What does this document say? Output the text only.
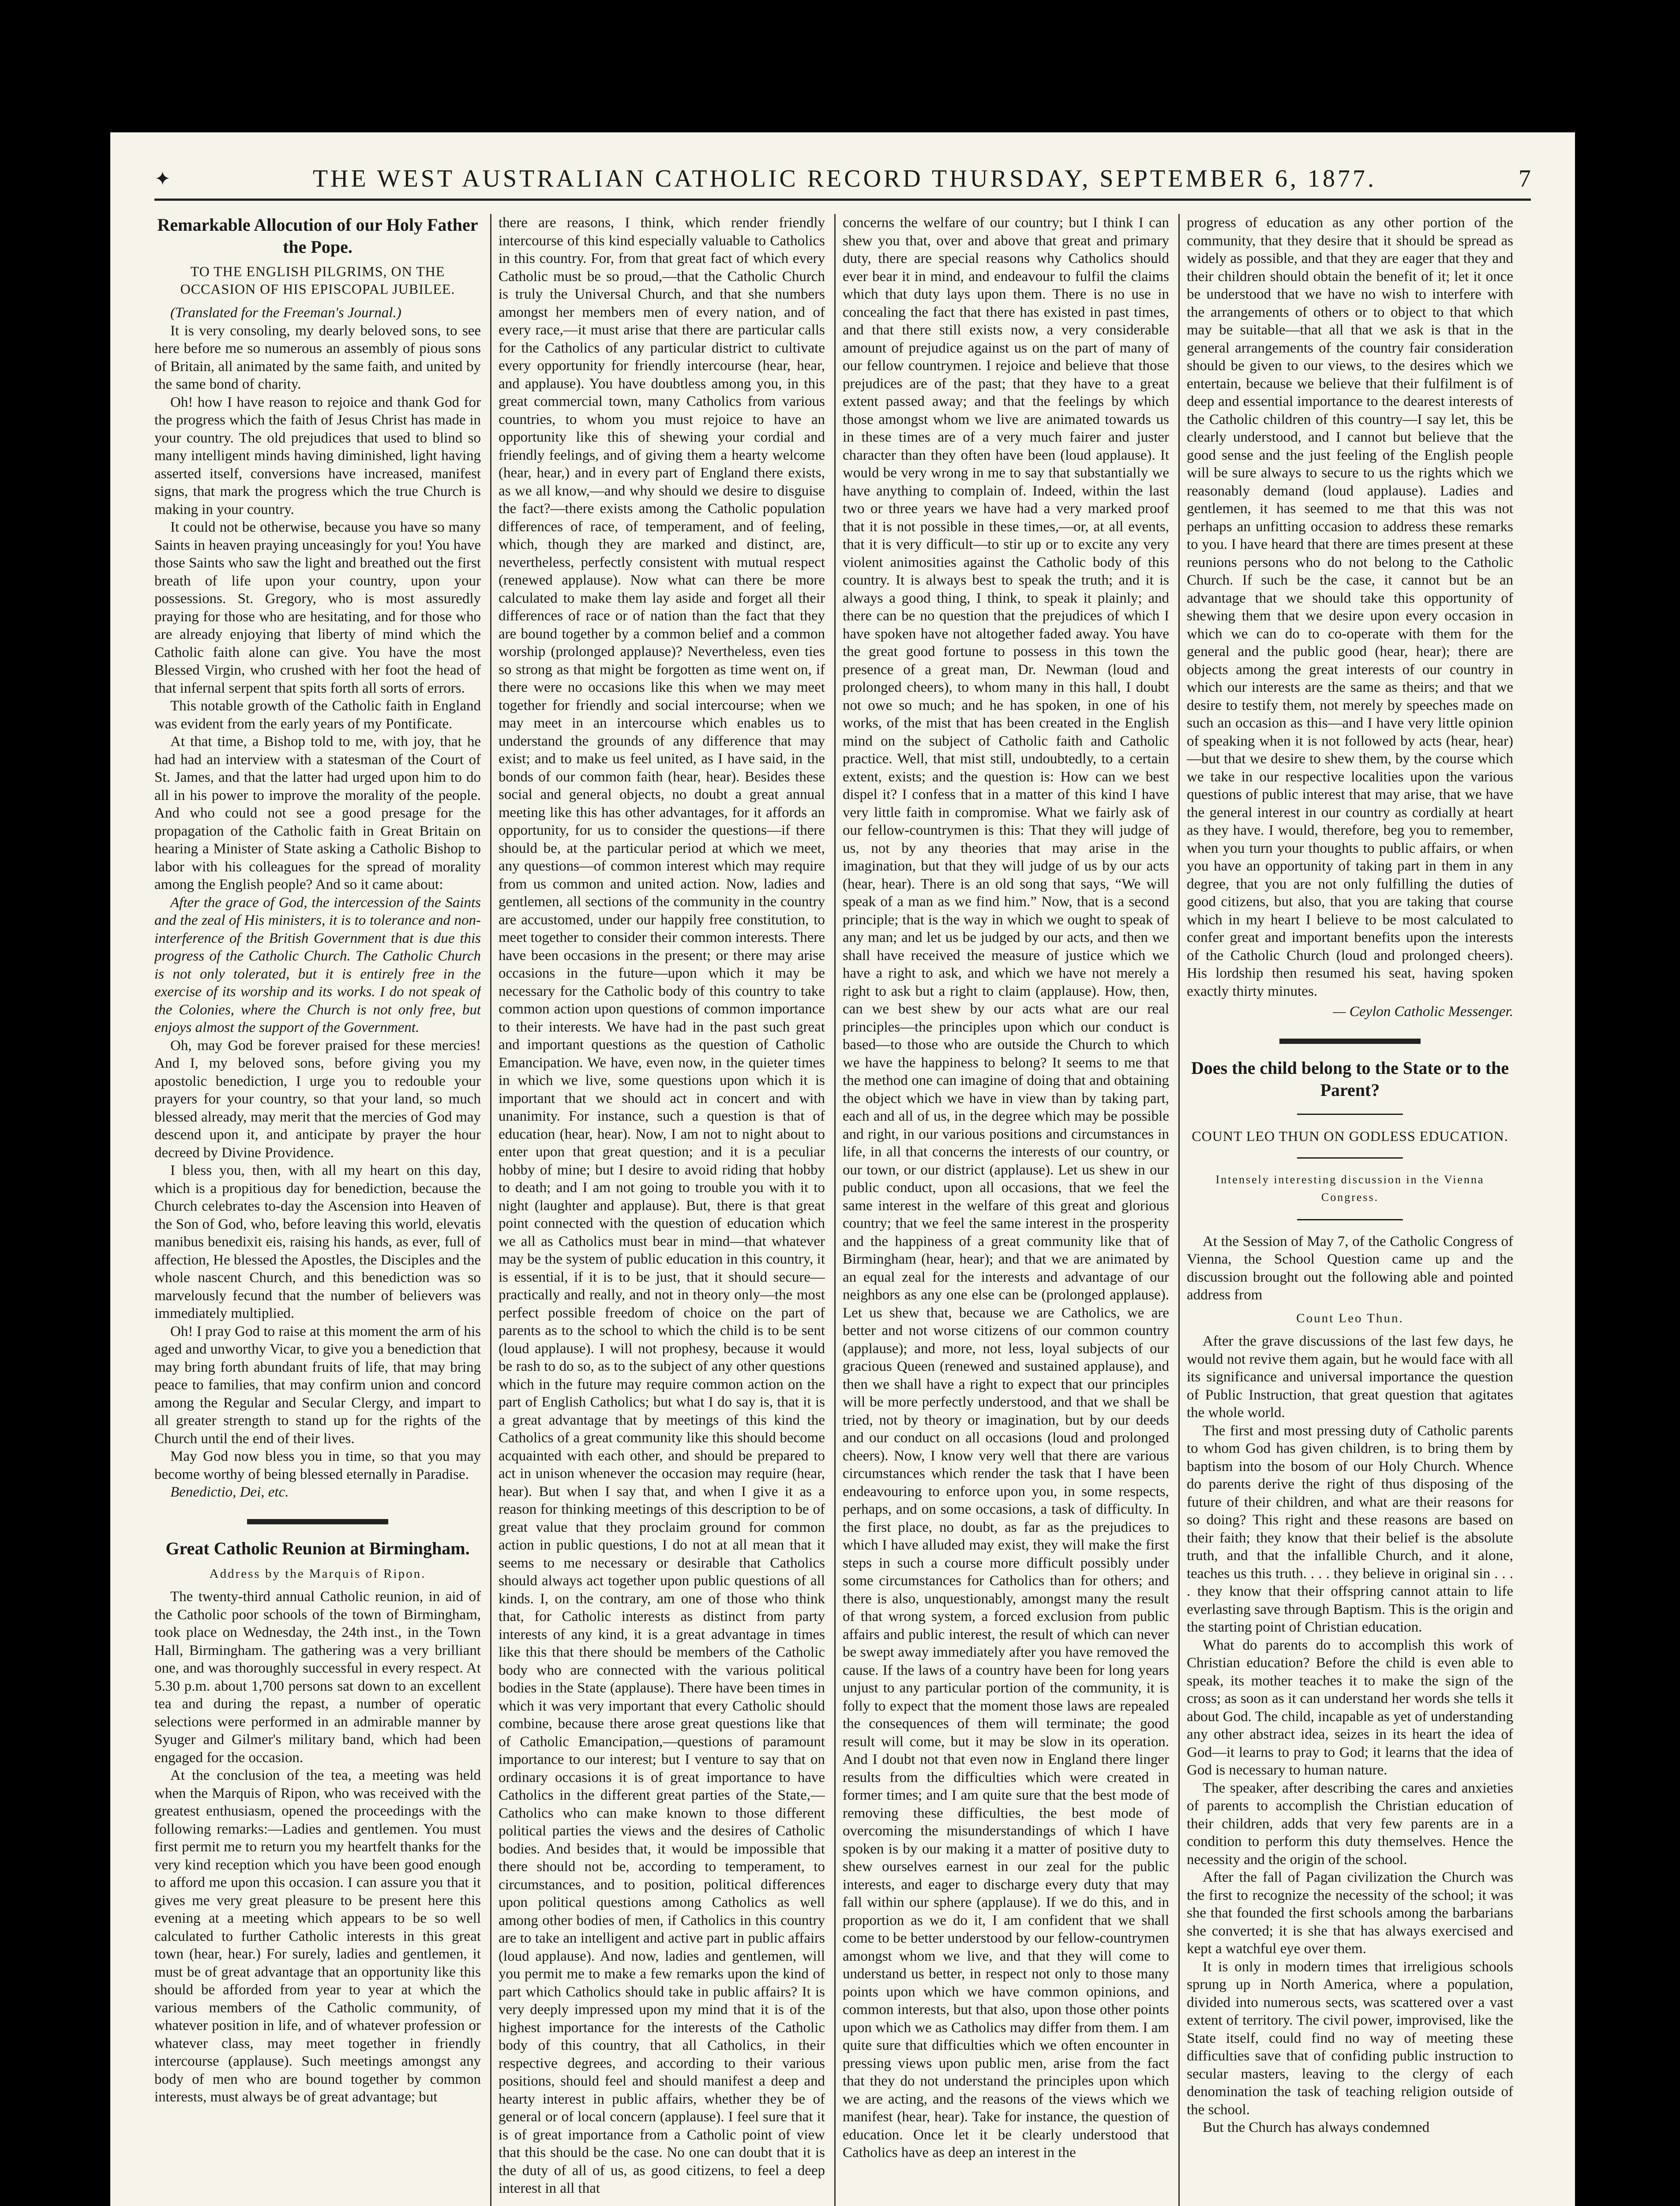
✦	THE WEST AUSTRALIAN CATHOLIC RECORD THURSDAY, SEPTEMBER 6, 1877.	7
Remarkable Allocution of our Holy Father the Pope.
TO THE ENGLISH PILGRIMS, ON THE OCCASION OF HIS EPISCOPAL JUBILEE.

(Translated for the Freeman's Journal.)

It is very consoling, my dearly beloved sons, to see here before me so numerous an assembly of pious sons of Britain, all animated by the same faith, and united by the same bond of charity.

Oh! how I have reason to rejoice and thank God for the progress which the faith of Jesus Christ has made in your country. The old prejudices that used to blind so many intelligent minds having diminished, light having asserted itself, conversions have increased, manifest signs, that mark the progress which the true Church is making in your country.

It could not be otherwise, because you have so many Saints in heaven praying unceasingly for you! You have those Saints who saw the light and breathed out the first breath of life upon your country, upon your possessions. St. Gregory, who is most assuredly praying for those who are hesitating, and for those who are already enjoying that liberty of mind which the Catholic faith alone can give. You have the most Blessed Virgin, who crushed with her foot the head of that infernal serpent that spits forth all sorts of errors.

This notable growth of the Catholic faith in England was evident from the early years of my Pontificate.

At that time, a Bishop told to me, with joy, that he had had an interview with a statesman of the Court of St. James, and that the latter had urged upon him to do all in his power to improve the morality of the people. And who could not see a good presage for the propagation of the Catholic faith in Great Britain on hearing a Minister of State asking a Catholic Bishop to labor with his colleagues for the spread of morality among the English people? And so it came about:

After the grace of God, the intercession of the Saints and the zeal of His ministers, it is to tolerance and non-interference of the British Government that is due this progress of the Catholic Church. The Catholic Church is not only tolerated, but it is entirely free in the exercise of its worship and its works. I do not speak of the Colonies, where the Church is not only free, but enjoys almost the support of the Government.

Oh, may God be forever praised for these mercies! And I, my beloved sons, before giving you my apostolic benediction, I urge you to redouble your prayers for your country, so that your land, so much blessed already, may merit that the mercies of God may descend upon it, and anticipate by prayer the hour decreed by Divine Providence.

I bless you, then, with all my heart on this day, which is a propitious day for benediction, because the Church celebrates to-day the Ascension into Heaven of the Son of God, who, before leaving this world, elevatis manibus benedixit eis, raising his hands, as ever, full of affection, He blessed the Apostles, the Disciples and the whole nascent Church, and this benediction was so marvelously fecund that the number of believers was immediately multiplied.

Oh! I pray God to raise at this moment the arm of his aged and unworthy Vicar, to give you a benediction that may bring forth abundant fruits of life, that may bring peace to families, that may confirm union and concord among the Regular and Secular Clergy, and impart to all greater strength to stand up for the rights of the Church until the end of their lives.

May God now bless you in time, so that you may become worthy of being blessed eternally in Paradise.

Benedictio, Dei, etc.

Great Catholic Reunion at Birmingham.
Address by the Marquis of Ripon.

The twenty-third annual Catholic reunion, in aid of the Catholic poor schools of the town of Birmingham, took place on Wednesday, the 24th inst., in the Town Hall, Birmingham. The gathering was a very brilliant one, and was thoroughly successful in every respect. At 5.30 p.m. about 1,700 persons sat down to an excellent tea and during the repast, a number of operatic selections were performed in an admirable manner by Syuger and Gilmer's military band, which had been engaged for the occasion.

At the conclusion of the tea, a meeting was held when the Marquis of Ripon, who was received with the greatest enthusiasm, opened the proceedings with the following remarks:—Ladies and gentlemen. You must first permit me to return you my heartfelt thanks for the very kind reception which you have been good enough to afford me upon this occasion. I can assure you that it gives me very great pleasure to be present here this evening at a meeting which appears to be so well calculated to further Catholic interests in this great town (hear, hear.) For surely, ladies and gentlemen, it must be of great advantage that an opportunity like this should be afforded from year to year at which the various members of the Catholic community, of whatever position in life, and of whatever profession or whatever class, may meet together in friendly intercourse (applause). Such meetings amongst any body of men who are bound together by common interests, must always be of great advantage; but

there are reasons, I think, which render friendly intercourse of this kind especially valuable to Catholics in this country. For, from that great fact of which every Catholic must be so proud,—that the Catholic Church is truly the Universal Church, and that she numbers amongst her members men of every nation, and of every race,—it must arise that there are particular calls for the Catholics of any particular district to cultivate every opportunity for friendly intercourse (hear, hear, and applause). You have doubtless among you, in this great commercial town, many Catholics from various countries, to whom you must rejoice to have an opportunity like this of shewing your cordial and friendly feelings, and of giving them a hearty welcome (hear, hear,) and in every part of England there exists, as we all know,—and why should we desire to disguise the fact?—there exists among the Catholic population differences of race, of temperament, and of feeling, which, though they are marked and distinct, are, nevertheless, perfectly consistent with mutual respect (renewed applause). Now what can there be more calculated to make them lay aside and forget all their differences of race or of nation than the fact that they are bound together by a common belief and a common worship (prolonged applause)? Nevertheless, even ties so strong as that might be forgotten as time went on, if there were no occasions like this when we may meet together for friendly and social intercourse; when we may meet in an intercourse which enables us to understand the grounds of any difference that may exist; and to make us feel united, as I have said, in the bonds of our common faith (hear, hear). Besides these social and general objects, no doubt a great annual meeting like this has other advantages, for it affords an opportunity, for us to consider the questions—if there should be, at the particular period at which we meet, any questions—of common interest which may require from us common and united action. Now, ladies and gentlemen, all sections of the community in the country are accustomed, under our happily free constitution, to meet together to consider their common interests. There have been occasions in the present; or there may arise occasions in the future—upon which it may be necessary for the Catholic body of this country to take common action upon questions of common importance to their interests. We have had in the past such great and important questions as the question of Catholic Emancipation. We have, even now, in the quieter times in which we live, some questions upon which it is important that we should act in concert and with unanimity. For instance, such a question is that of education (hear, hear). Now, I am not to night about to enter upon that great question; and it is a peculiar hobby of mine; but I desire to avoid riding that hobby to death; and I am not going to trouble you with it to night (laughter and applause). But, there is that great point connected with the question of education which we all as Catholics must bear in mind—that whatever may be the system of public education in this country, it is essential, if it is to be just, that it should secure—practically and really, and not in theory only—the most perfect possible freedom of choice on the part of parents as to the school to which the child is to be sent (loud applause). I will not prophesy, because it would be rash to do so, as to the subject of any other questions which in the future may require common action on the part of English Catholics; but what I do say is, that it is a great advantage that by meetings of this kind the Catholics of a great community like this should become acquainted with each other, and should be prepared to act in unison whenever the occasion may require (hear, hear). But when I say that, and when I give it as a reason for thinking meetings of this description to be of great value that they proclaim ground for common action in public questions, I do not at all mean that it seems to me necessary or desirable that Catholics should always act together upon public questions of all kinds. I, on the contrary, am one of those who think that, for Catholic interests as distinct from party interests of any kind, it is a great advantage in times like this that there should be members of the Catholic body who are connected with the various political bodies in the State (applause). There have been times in which it was very important that every Catholic should combine, because there arose great questions like that of Catholic Emancipation,—questions of paramount importance to our interest; but I venture to say that on ordinary occasions it is of great importance to have Catholics in the different great parties of the State,—Catholics who can make known to those different political parties the views and the desires of Catholic bodies. And besides that, it would be impossible that there should not be, according to temperament, to circumstances, and to position, political differences upon political questions among Catholics as well among other bodies of men, if Catholics in this country are to take an intelligent and active part in public affairs (loud applause). And now, ladies and gentlemen, will you permit me to make a few remarks upon the kind of part which Catholics should take in public affairs? It is very deeply impressed upon my mind that it is of the highest importance for the interests of the Catholic body of this country, that all Catholics, in their respective degrees, and according to their various positions, should feel and should manifest a deep and hearty interest in public affairs, whether they be of general or of local concern (applause). I feel sure that it is of great importance from a Catholic point of view that this should be the case. No one can doubt that it is the duty of all of us, as good citizens, to feel a deep interest in all that

concerns the welfare of our country; but I think I can shew you that, over and above that great and primary duty, there are special reasons why Catholics should ever bear it in mind, and endeavour to fulfil the claims which that duty lays upon them. There is no use in concealing the fact that there has existed in past times, and that there still exists now, a very considerable amount of prejudice against us on the part of many of our fellow countrymen. I rejoice and believe that those prejudices are of the past; that they have to a great extent passed away; and that the feelings by which those amongst whom we live are animated towards us in these times are of a very much fairer and juster character than they often have been (loud applause). It would be very wrong in me to say that substantially we have anything to complain of. Indeed, within the last two or three years we have had a very marked proof that it is not possible in these times,—or, at all events, that it is very difficult—to stir up or to excite any very violent animosities against the Catholic body of this country. It is always best to speak the truth; and it is always a good thing, I think, to speak it plainly; and there can be no question that the prejudices of which I have spoken have not altogether faded away. You have the great good fortune to possess in this town the presence of a great man, Dr. Newman (loud and prolonged cheers), to whom many in this hall, I doubt not owe so much; and he has spoken, in one of his works, of the mist that has been created in the English mind on the subject of Catholic faith and Catholic practice. Well, that mist still, undoubtedly, to a certain extent, exists; and the question is: How can we best dispel it? I confess that in a matter of this kind I have very little faith in compromise. What we fairly ask of our fellow-countrymen is this: That they will judge of us, not by any theories that may arise in the imagination, but that they will judge of us by our acts (hear, hear). There is an old song that says, “We will speak of a man as we find him.” Now, that is a second principle; that is the way in which we ought to speak of any man; and let us be judged by our acts, and then we shall have received the measure of justice which we have a right to ask, and which we have not merely a right to ask but a right to claim (applause). How, then, can we best shew by our acts what are our real principles—the principles upon which our conduct is based—to those who are outside the Church to which we have the happiness to belong? It seems to me that the method one can imagine of doing that and obtaining the object which we have in view than by taking part, each and all of us, in the degree which may be possible and right, in our various positions and circumstances in life, in all that concerns the interests of our country, or our town, or our district (applause). Let us shew in our public conduct, upon all occasions, that we feel the same interest in the welfare of this great and glorious country; that we feel the same interest in the prosperity and the happiness of a great community like that of Birmingham (hear, hear); and that we are animated by an equal zeal for the interests and advantage of our neighbors as any one else can be (prolonged applause). Let us shew that, because we are Catholics, we are better and not worse citizens of our common country (applause); and more, not less, loyal subjects of our gracious Queen (renewed and sustained applause), and then we shall have a right to expect that our principles will be more perfectly understood, and that we shall be tried, not by theory or imagination, but by our deeds and our conduct on all occasions (loud and prolonged cheers). Now, I know very well that there are various circumstances which render the task that I have been endeavouring to enforce upon you, in some respects, perhaps, and on some occasions, a task of difficulty. In the first place, no doubt, as far as the prejudices to which I have alluded may exist, they will make the first steps in such a course more difficult possibly under some circumstances for Catholics than for others; and there is also, unquestionably, amongst many the result of that wrong system, a forced exclusion from public affairs and public interest, the result of which can never be swept away immediately after you have removed the cause. If the laws of a country have been for long years unjust to any particular portion of the community, it is folly to expect that the moment those laws are repealed the consequences of them will terminate; the good result will come, but it may be slow in its operation. And I doubt not that even now in England there linger results from the difficulties which were created in former times; and I am quite sure that the best mode of removing these difficulties, the best mode of overcoming the misunderstandings of which I have spoken is by our making it a matter of positive duty to shew ourselves earnest in our zeal for the public interests, and eager to discharge every duty that may fall within our sphere (applause). If we do this, and in proportion as we do it, I am confident that we shall come to be better understood by our fellow-countrymen amongst whom we live, and that they will come to understand us better, in respect not only to those many points upon which we have common opinions, and common interests, but that also, upon those other points upon which we as Catholics may differ from them. I am quite sure that difficulties which we often encounter in pressing views upon public men, arise from the fact that they do not understand the principles upon which we are acting, and the reasons of the views which we manifest (hear, hear). Take for instance, the question of education. Once let it be clearly understood that Catholics have as deep an interest in the

progress of education as any other portion of the community, that they desire that it should be spread as widely as possible, and that they are eager that they and their children should obtain the benefit of it; let it once be understood that we have no wish to interfere with the arrangements of others or to object to that which may be suitable—that all that we ask is that in the general arrangements of the country fair consideration should be given to our views, to the desires which we entertain, because we believe that their fulfilment is of deep and essential importance to the dearest interests of the Catholic children of this country—I say let, this be clearly understood, and I cannot but believe that the good sense and the just feeling of the English people will be sure always to secure to us the rights which we reasonably demand (loud applause). Ladies and gentlemen, it has seemed to me that this was not perhaps an unfitting occasion to address these remarks to you. I have heard that there are times present at these reunions persons who do not belong to the Catholic Church. If such be the case, it cannot but be an advantage that we should take this opportunity of shewing them that we desire upon every occasion in which we can do to co-operate with them for the general and the public good (hear, hear); there are objects among the great interests of our country in which our interests are the same as theirs; and that we desire to testify them, not merely by speeches made on such an occasion as this—and I have very little opinion of speaking when it is not followed by acts (hear, hear)—but that we desire to shew them, by the course which we take in our respective localities upon the various questions of public interest that may arise, that we have the general interest in our country as cordially at heart as they have. I would, therefore, beg you to remember, when you turn your thoughts to public affairs, or when you have an opportunity of taking part in them in any degree, that you are not only fulfilling the duties of good citizens, but also, that you are taking that course which in my heart I believe to be most calculated to confer great and important benefits upon the interests of the Catholic Church (loud and prolonged cheers). His lordship then resumed his seat, having spoken exactly thirty minutes.

— Ceylon Catholic Messenger.
Does the child belong to the State or to the Parent?
COUNT LEO THUN ON GODLESS EDUCATION.
Intensely interesting discussion in the Vienna Congress.

At the Session of May 7, of the Catholic Congress of Vienna, the School Question came up and the discussion brought out the following able and pointed address from

Count Leo Thun.

After the grave discussions of the last few days, he would not revive them again, but he would face with all its significance and universal importance the question of Public Instruction, that great question that agitates the whole world.

The first and most pressing duty of Catholic parents to whom God has given children, is to bring them by baptism into the bosom of our Holy Church. Whence do parents derive the right of thus disposing of the future of their children, and what are their reasons for so doing? This right and these reasons are based on their faith; they know that their belief is the absolute truth, and that the infallible Church, and it alone, teaches us this truth. . . . they believe in original sin . . . . they know that their offspring cannot attain to life everlasting save through Baptism. This is the origin and the starting point of Christian education.

What do parents do to accomplish this work of Christian education? Before the child is even able to speak, its mother teaches it to make the sign of the cross; as soon as it can understand her words she tells it about God. The child, incapable as yet of understanding any other abstract idea, seizes in its heart the idea of God—it learns to pray to God; it learns that the idea of God is necessary to human nature.

The speaker, after describing the cares and anxieties of parents to accomplish the Christian education of their children, adds that very few parents are in a condition to perform this duty themselves. Hence the necessity and the origin of the school.

After the fall of Pagan civilization the Church was the first to recognize the necessity of the school; it was she that founded the first schools among the barbarians she converted; it is she that has always exercised and kept a watchful eye over them.

It is only in modern times that irreligious schools sprung up in North America, where a population, divided into numerous sects, was scattered over a vast extent of territory. The civil power, improvised, like the State itself, could find no way of meeting these difficulties save that of confiding public instruction to secular masters, leaving to the clergy of each denomination the task of teaching religion outside of the school.

But the Church has always condemned
